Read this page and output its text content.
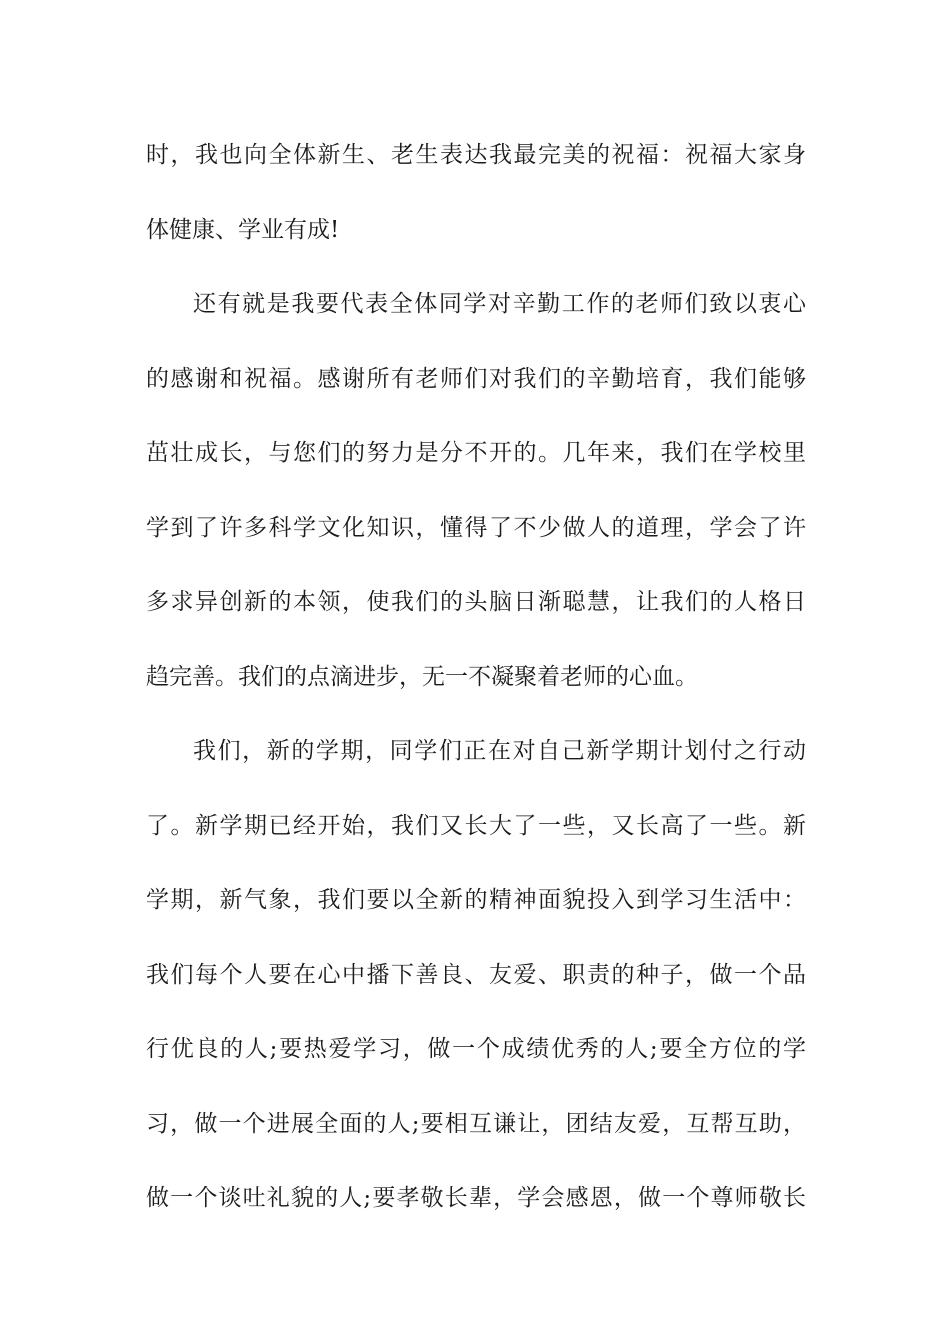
时，我也向全体新生、老生表达我最完美的祝福：祝福大家身
体健康、学业有成!
还有就是我要代表全体同学对辛勤工作的老师们致以衷心
的感谢和祝福。感谢所有老师们对我们的辛勤培育，我们能够
茁壮成长，与您们的努力是分不开的。几年来，我们在学校里
学到了许多科学文化知识，懂得了不少做人的道理，学会了许
多求异创新的本领，使我们的头脑日渐聪慧，让我们的人格日
趋完善。我们的点滴进步，无一不凝聚着老师的心血。
我们，新的学期，同学们正在对自己新学期计划付之行动
了。新学期已经开始，我们又长大了一些，又长高了一些。新
学期，新气象，我们要以全新的精神面貌投入到学习生活中：
我们每个人要在心中播下善良、友爱、职责的种子，做一个品
行优良的人;要热爱学习，做一个成绩优秀的人;要全方位的学
习，做一个进展全面的人;要相互谦让，团结友爱，互帮互助，
做一个谈吐礼貌的人;要孝敬长辈，学会感恩，做一个尊师敬长
